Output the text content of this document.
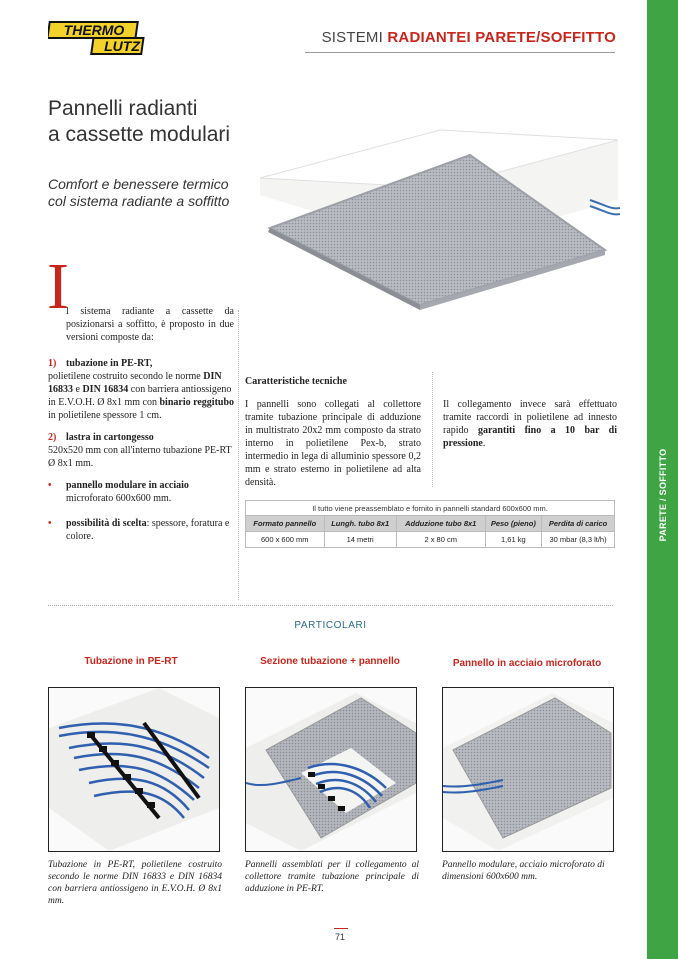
PARETE / SOFFITTO
THERMO
LUTZ	SISTEMI RADIANTEI PARETE/SOFFITTO
Pannelli radianti
a cassette modulari
Comfort e benessere termico
col sistema radiante a soffitto
I
l sistema radiante a cassette da posizionarsi a soffitto, è proposto in due versioni composte da:
1) tubazione in PE-RT,
polietilene costruito secondo le norme DIN 16833 e DIN 16834 con barriera antiossigeno in E.V.O.H. Ø 8x1 mm con binario reggitubo in polietilene spessore 1 cm.
2) lastra in cartongesso
520x520 mm con all'interno tubazione PE-RT Ø 8x1 mm.
• pannello modulare in acciaio microforato 600x600 mm.
• possibilità di scelta: spessore, foratura e colore.
Caratteristiche tecniche
I pannelli sono collegati al collettore tramite tubazione principale di adduzione in multistrato 20x2 mm composto da strato interno in polietilene Pex-b, strato intermedio in lega di alluminio spessore 0,2 mm e strato esterno in polietilene ad alta densità.
Il collegamento invece sarà effettuato tramite raccordi in polietilene ad innesto rapido garantiti fino a 10 bar di pressione.
Il tutto viene preassemblato e fornito in pannelli standard 600x600 mm.				
Formato pannello	Lungh. tubo 8x1	Adduzione tubo 8x1	Peso (pieno)	Perdita di carico
600 x 600 mm	14 metri	2 x 80 cm	1,61 kg	30 mbar (8,3 lt/h)
PARTICOLARI
Tubazione in PE-RT	Sezione tubazione + pannello	Pannello in acciaio microforato
Tubazione in PE-RT, polietilene costruito secondo le norme DIN 16833 e DIN 16834 con barriera antiossigeno in E.V.O.H. Ø 8x1 mm.
Pannelli assemblati per il collegamento al collettore tramite tubazione principale di adduzione in PE-RT.
Pannello modulare, acciaio microforato di dimensioni 600x600 mm.
71
